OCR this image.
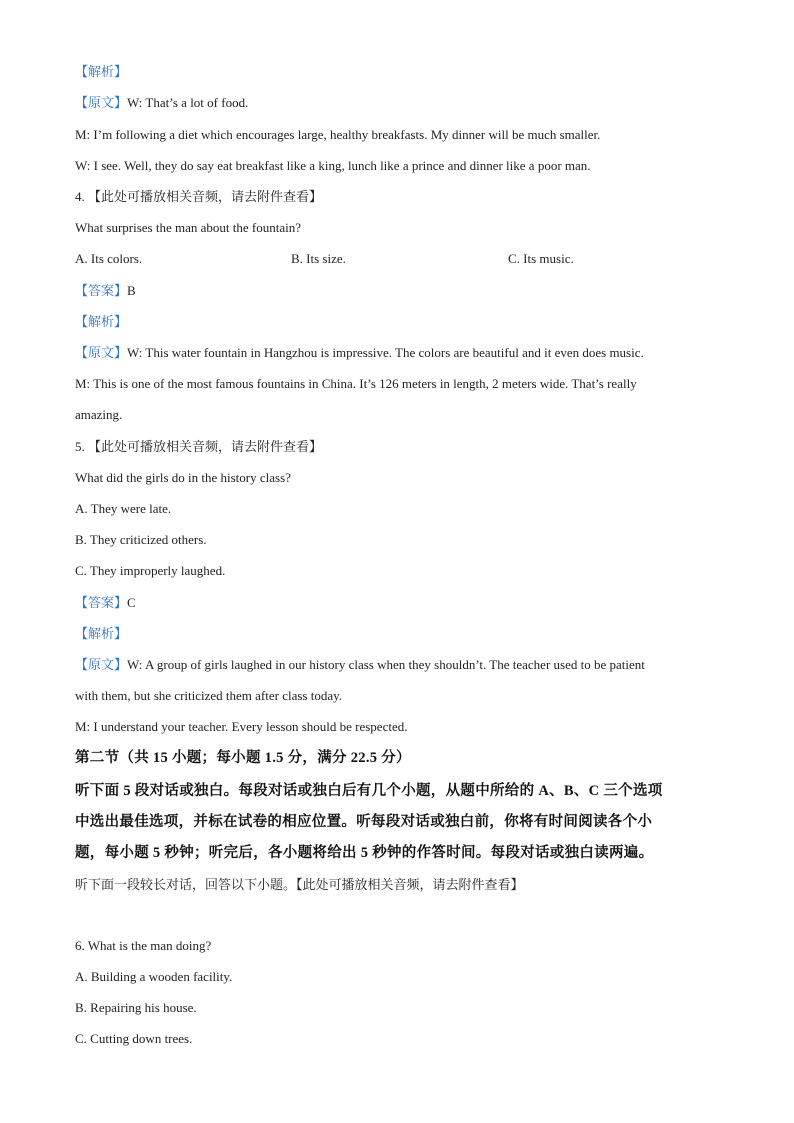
【解析】
【原文】W: That’s a lot of food.
M: I’m following a diet which encourages large, healthy breakfasts. My dinner will be much smaller.
W: I see. Well, they do say eat breakfast like a king, lunch like a prince and dinner like a poor man.
4. 【此处可播放相关音频，请去附件查看】
What surprises the man about the fountain?
A. Its colors.	B. Its size.	C. Its music.
【答案】B
【解析】
【原文】W: This water fountain in Hangzhou is impressive. The colors are beautiful and it even does music.
M: This is one of the most famous fountains in China. It’s 126 meters in length, 2 meters wide. That’s really
amazing.
5. 【此处可播放相关音频，请去附件查看】
What did the girls do in the history class?
A. They were late.
B. They criticized others.
C. They improperly laughed.
【答案】C
【解析】
【原文】W: A group of girls laughed in our history class when they shouldn’t. The teacher used to be patient
with them, but she criticized them after class today.
M: I understand your teacher. Every lesson should be respected.
第二节（共 15 小题；每小题 1.5 分，满分 22.5 分）
听下面 5 段对话或独白。每段对话或独白后有几个小题，从题中所给的 A、B、C 三个选项
中选出最佳选项，并标在试卷的相应位置。听每段对话或独白前，你将有时间阅读各个小
题，每小题 5 秒钟；听完后，各小题将给出 5 秒钟的作答时间。每段对话或独白读两遍。
听下面一段较长对话，回答以下小题。【此处可播放相关音频，请去附件查看】
6. What is the man doing?
A. Building a wooden facility.
B. Repairing his house.
C. Cutting down trees.
